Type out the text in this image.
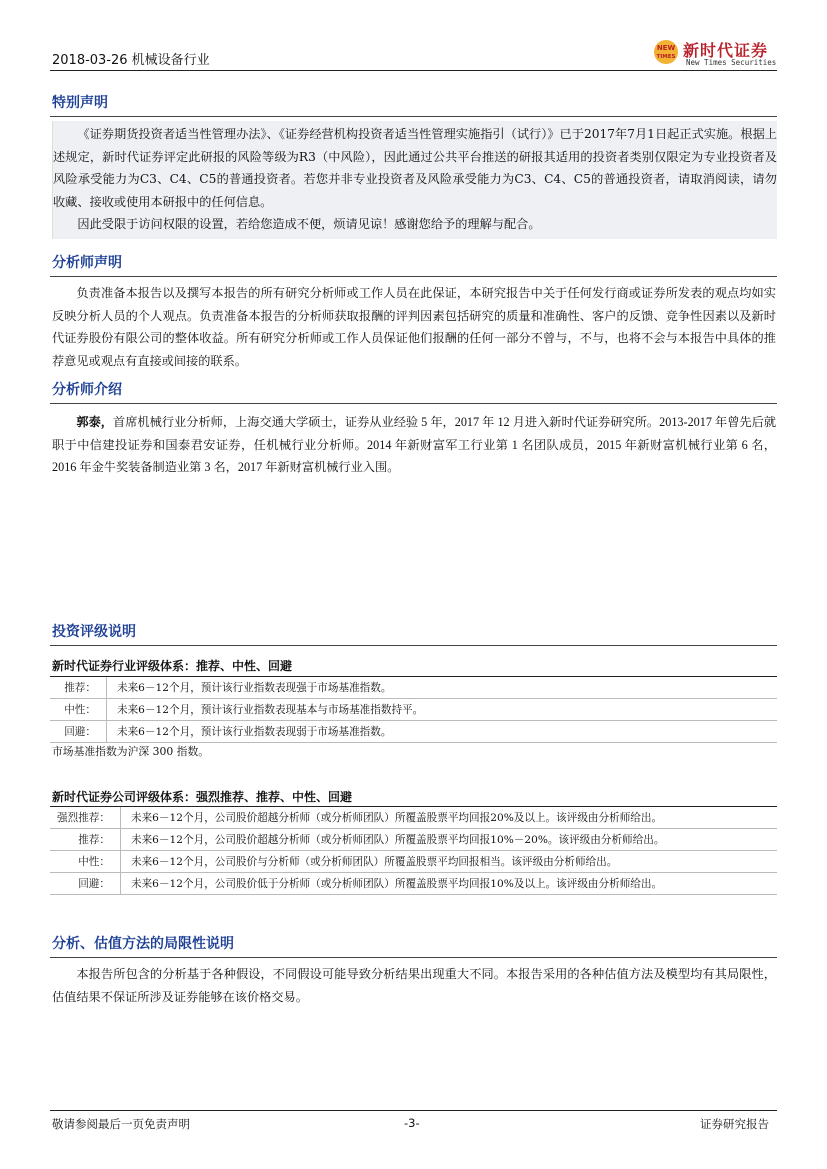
2018-03-26 机械设备行业
NEW
TIMES 新时代证券
New Times Securities
特别声明

《证券期货投资者适当性管理办法》、《证券经营机构投资者适当性管理实施指引（试行）》已于2017年7月1日起正式实施。根据上述规定，新时代证券评定此研报的风险等级为R3（中风险），因此通过公共平台推送的研报其适用的投资者类别仅限定为专业投资者及风险承受能力为C3、C4、C5的普通投资者。若您并非专业投资者及风险承受能力为C3、C4、C5的普通投资者，请取消阅读，请勿收藏、接收或使用本研报中的任何信息。

因此受限于访问权限的设置，若给您造成不便，烦请见谅！感谢您给予的理解与配合。

分析师声明

负责准备本报告以及撰写本报告的所有研究分析师或工作人员在此保证，本研究报告中关于任何发行商或证券所发表的观点均如实反映分析人员的个人观点。负责准备本报告的分析师获取报酬的评判因素包括研究的质量和准确性、客户的反馈、竞争性因素以及新时代证券股份有限公司的整体收益。所有研究分析师或工作人员保证他们报酬的任何一部分不曾与，不与，也将不会与本报告中具体的推荐意见或观点有直接或间接的联系。

分析师介绍

郭泰，首席机械行业分析师，上海交通大学硕士，证券从业经验 5 年，2017 年 12 月进入新时代证券研究所。2013-2017 年曾先后就职于中信建投证券和国泰君安证券，任机械行业分析师。2014 年新财富军工行业第 1 名团队成员，2015 年新财富机械行业第 6 名，2016 年金牛奖装备制造业第 3 名，2017 年新财富机械行业入围。

投资评级说明
新时代证券行业评级体系：推荐、中性、回避
推荐：	未来6－12个月，预计该行业指数表现强于市场基准指数。
中性：	未来6－12个月，预计该行业指数表现基本与市场基准指数持平。
回避：	未来6－12个月，预计该行业指数表现弱于市场基准指数。
市场基准指数为沪深 300 指数。
新时代证券公司评级体系：强烈推荐、推荐、中性、回避
强烈推荐：	未来6－12个月，公司股价超越分析师（或分析师团队）所覆盖股票平均回报20%及以上。该评级由分析师给出。
推荐：	未来6－12个月，公司股价超越分析师（或分析师团队）所覆盖股票平均回报10%－20%。该评级由分析师给出。
中性：	未来6－12个月，公司股价与分析师（或分析师团队）所覆盖股票平均回报相当。该评级由分析师给出。
回避：	未来6－12个月，公司股价低于分析师（或分析师团队）所覆盖股票平均回报10%及以上。该评级由分析师给出。
分析、估值方法的局限性说明

本报告所包含的分析基于各种假设，不同假设可能导致分析结果出现重大不同。本报告采用的各种估值方法及模型均有其局限性，估值结果不保证所涉及证券能够在该价格交易。

敬请参阅最后一页免责声明	-3-	证券研究报告
